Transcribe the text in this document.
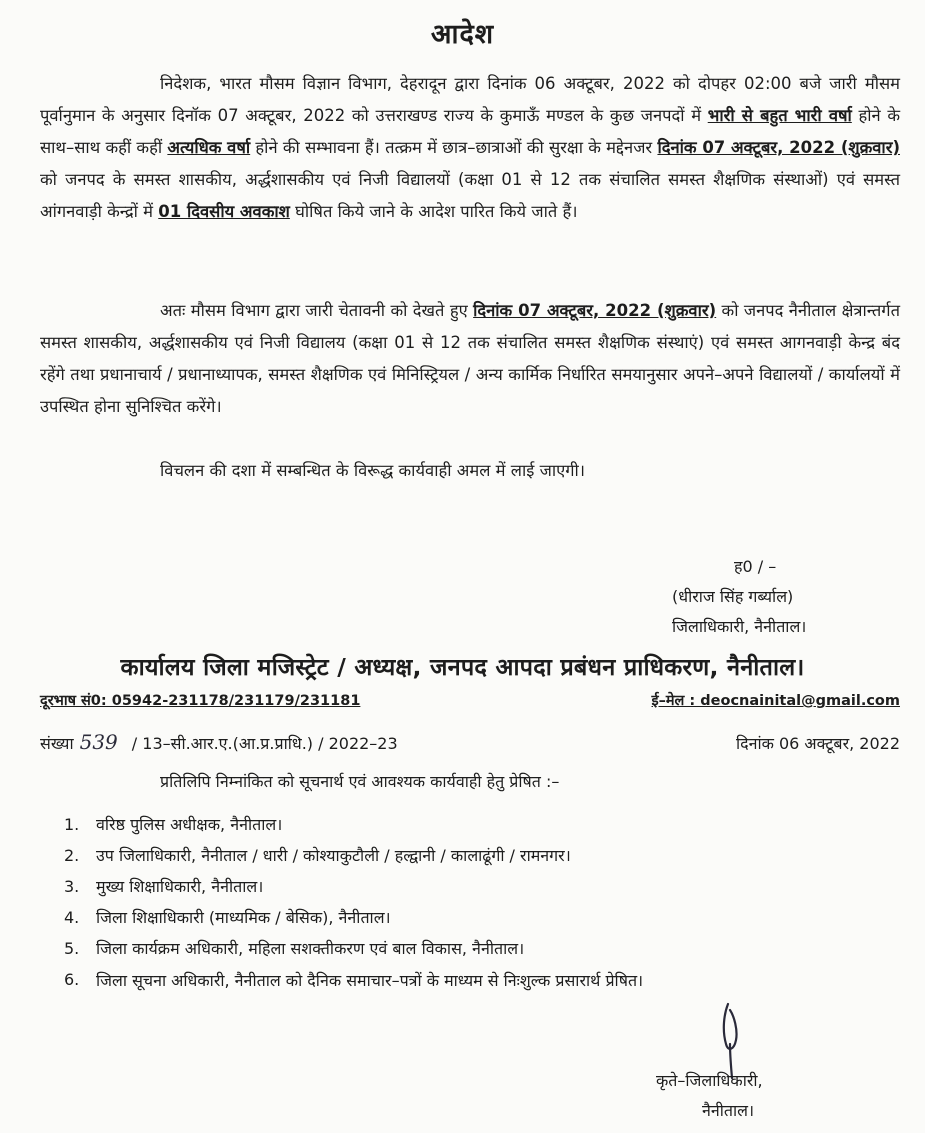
आदेश
निदेशक, भारत मौसम विज्ञान विभाग, देहरादून द्वारा दिनांक 06 अक्टूबर, 2022 को दोपहर 02:00 बजे जारी मौसम पूर्वानुमान के अनुसार दिनॉक 07 अक्टूबर, 2022 को उत्तराखण्ड राज्य के कुमाऊँ मण्डल के कुछ जनपदों में भारी से बहुत भारी वर्षा होने के साथ–साथ कहीं कहीं अत्यधिक वर्षा होने की सम्भावना हैं। तत्क्रम में छात्र–छात्राओं की सुरक्षा के मद्देनजर दिनांक 07 अक्टूबर, 2022 (शुक्रवार) को जनपद के समस्त शासकीय, अर्द्धशासकीय एवं निजी विद्यालयों (कक्षा 01 से 12 तक संचालित समस्त शैक्षणिक संस्थाओं) एवं समस्त आंगनवाड़ी केन्द्रों में 01 दिवसीय अवकाश घोषित किये जाने के आदेश पारित किये जाते हैं।
अतः मौसम विभाग द्वारा जारी चेतावनी को देखते हुए दिनांक 07 अक्टूबर, 2022 (शुक्रवार) को जनपद नैनीताल क्षेत्रान्तर्गत समस्त शासकीय, अर्द्धशासकीय एवं निजी विद्यालय (कक्षा 01 से 12 तक संचालित समस्त शैक्षणिक संस्थाएं) एवं समस्त आगनवाड़ी केन्द्र बंद रहेंगे तथा प्रधानाचार्य / प्रधानाध्यापक, समस्त शैक्षणिक एवं मिनिस्ट्रियल / अन्य कार्मिक निर्धारित समयानुसार अपने–अपने विद्यालयों / कार्यालयों में उपस्थित होना सुनिश्चित करेंगे।
विचलन की दशा में सम्बन्धित के विरूद्ध कार्यवाही अमल में लाई जाएगी।
ह0 / –
(धीराज सिंह गर्ब्याल)
जिलाधिकारी, नैनीताल।
कार्यालय जिला मजिस्ट्रेट / अध्यक्ष, जनपद आपदा प्रबंधन प्राधिकरण, नैनीताल।
दूरभाष सं0: 05942-231178/231179/231181	ई–मेल : deocnainital@gmail.com
संख्या 539 / 13–सी.आर.ए.(आ.प्र.प्राधि.) / 2022–23	दिनांक 06 अक्टूबर, 2022
प्रतिलिपि निम्नांकित को सूचनार्थ एवं आवश्यक कार्यवाही हेतु प्रेषित :–
1.	वरिष्ठ पुलिस अधीक्षक, नैनीताल।
2.	उप जिलाधिकारी, नैनीताल / धारी / कोश्याकुटौली / हल्द्वानी / कालाढूंगी / रामनगर।
3.	मुख्य शिक्षाधिकारी, नैनीताल।
4.	जिला शिक्षाधिकारी (माध्यमिक / बेसिक), नैनीताल।
5.	जिला कार्यक्रम अधिकारी, महिला सशक्तीकरण एवं बाल विकास, नैनीताल।
6.	जिला सूचना अधिकारी, नैनीताल को दैनिक समाचार–पत्रों के माध्यम से निःशुल्क प्रसारार्थ प्रेषित।
कृते–जिलाधिकारी,
नैनीताल।
